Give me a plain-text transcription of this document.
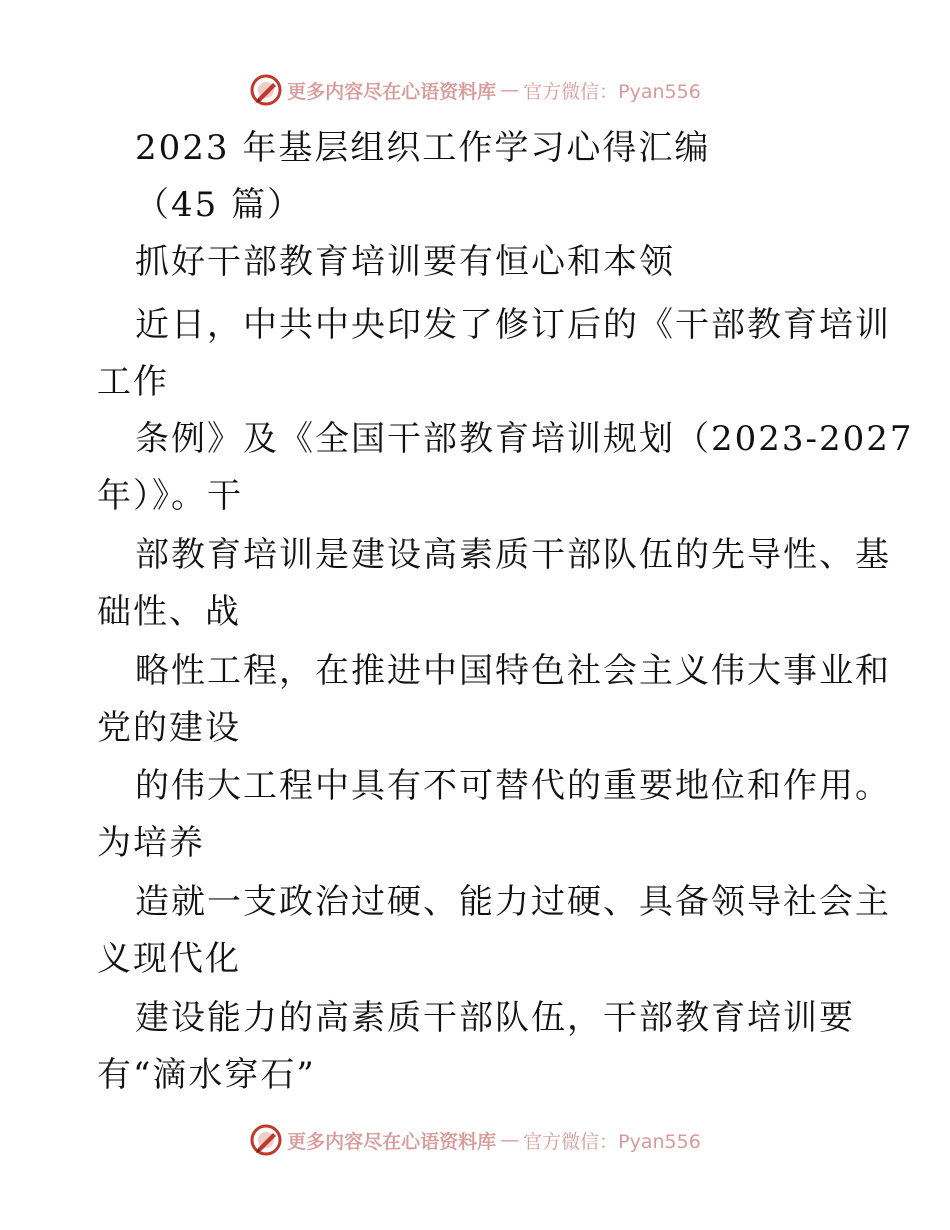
更多内容尽在心语资料库 — 官方微信：Pyan556
2023 年基层组织工作学习心得汇编
（45 篇）
抓好干部教育培训要有恒心和本领
近日，中共中央印发了修订后的《干部教育培训
工作
条例》及《全国干部教育培训规划（2023-2027
年）》。干
部教育培训是建设高素质干部队伍的先导性、基
础性、战
略性工程，在推进中国特色社会主义伟大事业和
党的建设
的伟大工程中具有不可替代的重要地位和作用。
为培养
造就一支政治过硬、能力过硬、具备领导社会主
义现代化
建设能力的高素质干部队伍，干部教育培训要
有“滴水穿石”
更多内容尽在心语资料库 — 官方微信：Pyan556
